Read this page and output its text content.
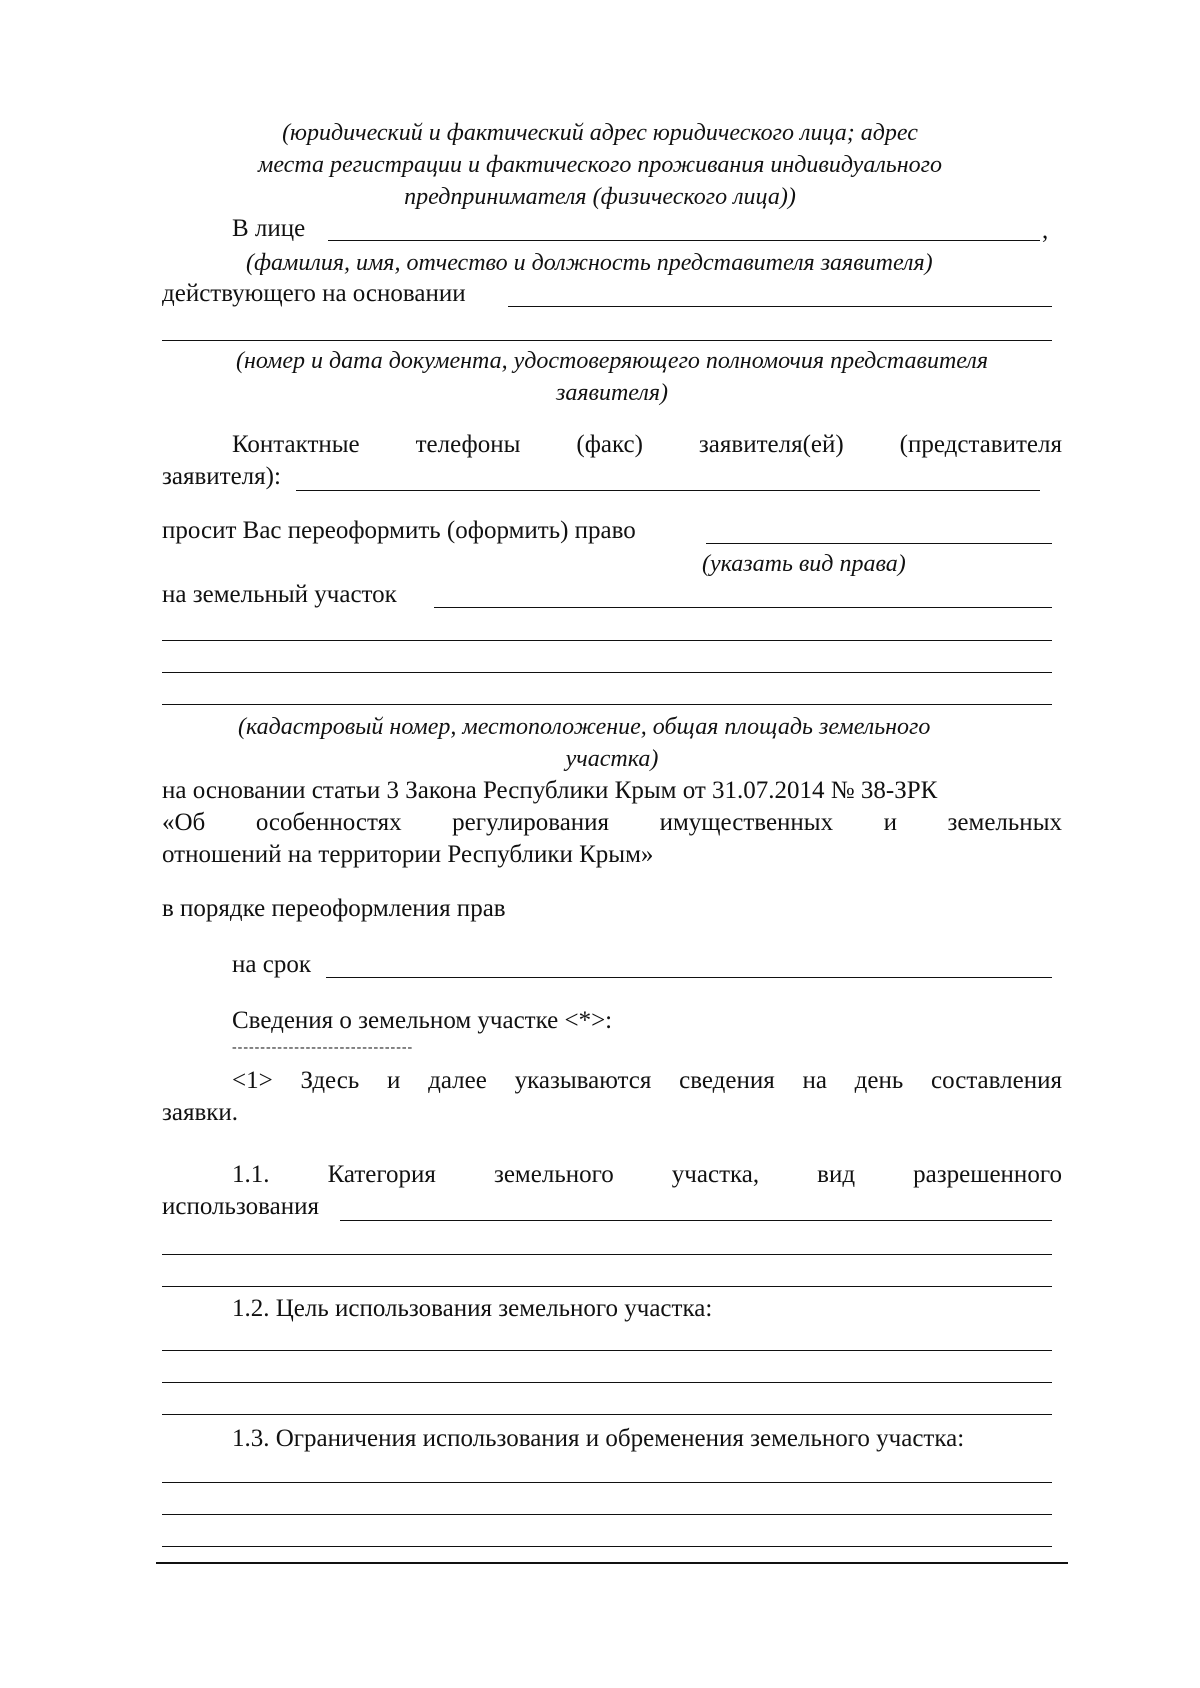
(юридический и фактический адрес юридического лица; адрес
места регистрации и фактического проживания индивидуального
предпринимателя (физического лица))
В лице	,
(фамилия, имя, отчество и должность представителя заявителя)
действующего на основании
(номер и дата документа, удостоверяющего полномочия представителя
заявителя)
Контактные телефоны (факс) заявителя(ей) (представителя
заявителя):
просит Вас переоформить (оформить) право
(указать вид права)
на земельный участок
(кадастровый номер, местоположение, общая площадь земельного
участка)
на основании статьи 3 Закона Республики Крым от 31.07.2014 № 38-ЗРК
«Об особенностях регулирования имущественных и земельных
отношений на территории Республики Крым»
в порядке переоформления прав
на срок
Сведения о земельном участке <*>:
--------------------------------
<1> Здесь и далее указываются сведения на день составления
заявки.
1.1. Категория земельного участка, вид разрешенного
использования
1.2. Цель использования земельного участка:
1.3. Ограничения использования и обременения земельного участка:
